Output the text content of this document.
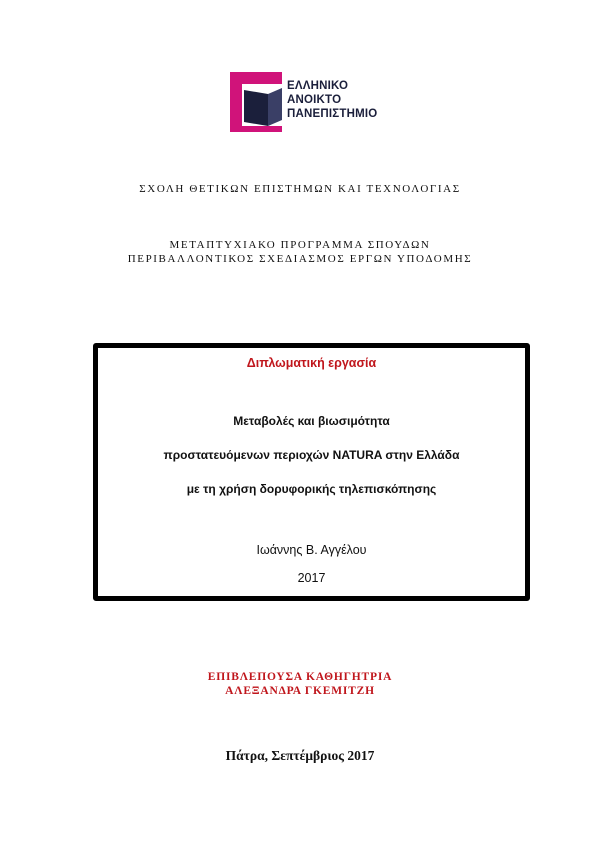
ΕΛΛΗΝΙΚΟ
ΑΝΟΙΚΤΟ
ΠΑΝΕΠΙΣΤΗΜΙΟ
ΣΧΟΛΗ ΘΕΤΙΚΩΝ ΕΠΙΣΤΗΜΩΝ ΚΑΙ ΤΕΧΝΟΛΟΓΙΑΣ
ΜΕΤΑΠΤΥΧΙΑΚΟ ΠΡΟΓΡΑΜΜΑ ΣΠΟΥΔΩΝ
ΠΕΡΙΒΑΛΛΟΝΤΙΚΟΣ ΣΧΕΔΙΑΣΜΟΣ ΕΡΓΩΝ ΥΠΟΔΟΜΗΣ
Διπλωματική εργασία
Μεταβολές και βιωσιμότητα
προστατευόμενων περιοχών NATURA στην Ελλάδα
με τη χρήση δορυφορικής τηλεπισκόπησης
Ιωάννης Β. Αγγέλου
2017
ΕΠΙΒΛΕΠΟΥΣΑ ΚΑΘΗΓΗΤΡΙΑ
ΑΛΕΞΑΝΔΡΑ ΓΚΕΜΙΤΖΗ
Πάτρα, Σεπτέμβριος 2017
